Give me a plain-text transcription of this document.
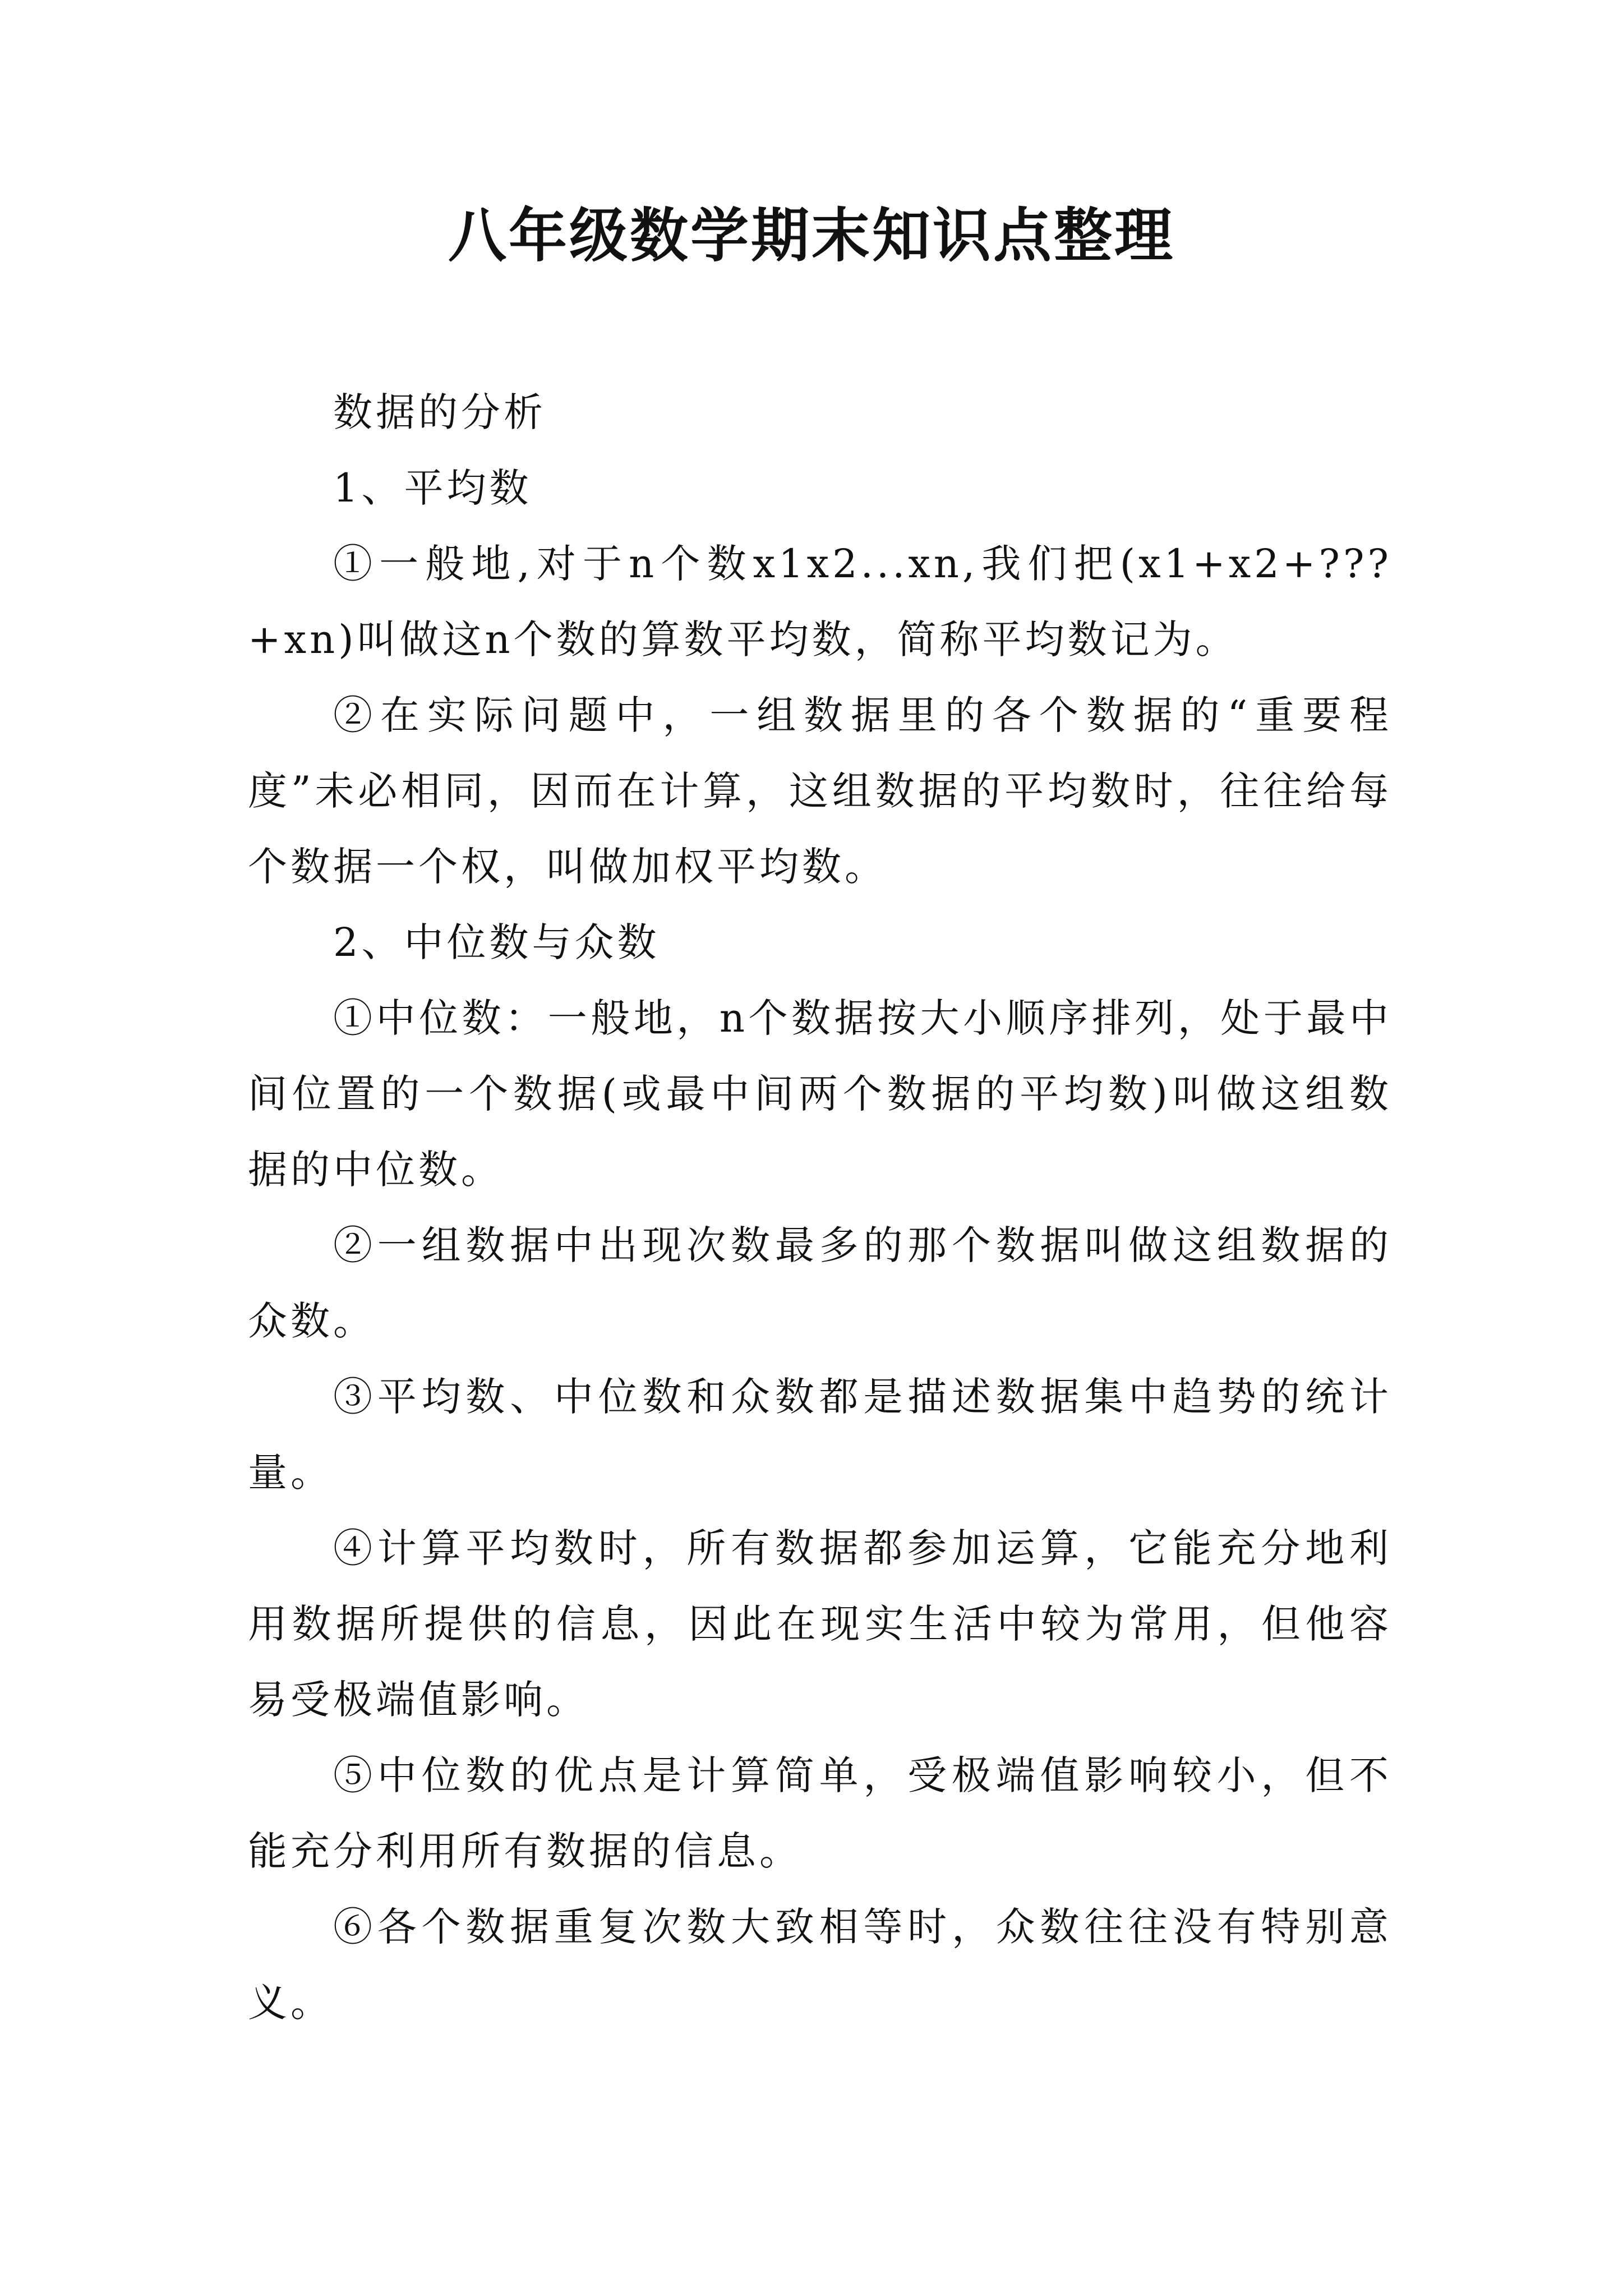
八年级数学期末知识点整理

数据的分析

1、平均数

①一般地,对于n个数x1x2...xn,我们把(x1+x2+???+xn)叫做这n个数的算数平均数，简称平均数记为。

②在实际问题中，一组数据里的各个数据的“重要程度”未必相同，因而在计算，这组数据的平均数时，往往给每个数据一个权，叫做加权平均数。

2、中位数与众数

①中位数：一般地，n个数据按大小顺序排列，处于最中间位置的一个数据(或最中间两个数据的平均数)叫做这组数据的中位数。

②一组数据中出现次数最多的那个数据叫做这组数据的众数。

③平均数、中位数和众数都是描述数据集中趋势的统计量。

④计算平均数时，所有数据都参加运算，它能充分地利用数据所提供的信息，因此在现实生活中较为常用，但他容易受极端值影响。

⑤中位数的优点是计算简单，受极端值影响较小，但不能充分利用所有数据的信息。

⑥各个数据重复次数大致相等时，众数往往没有特别意义。
